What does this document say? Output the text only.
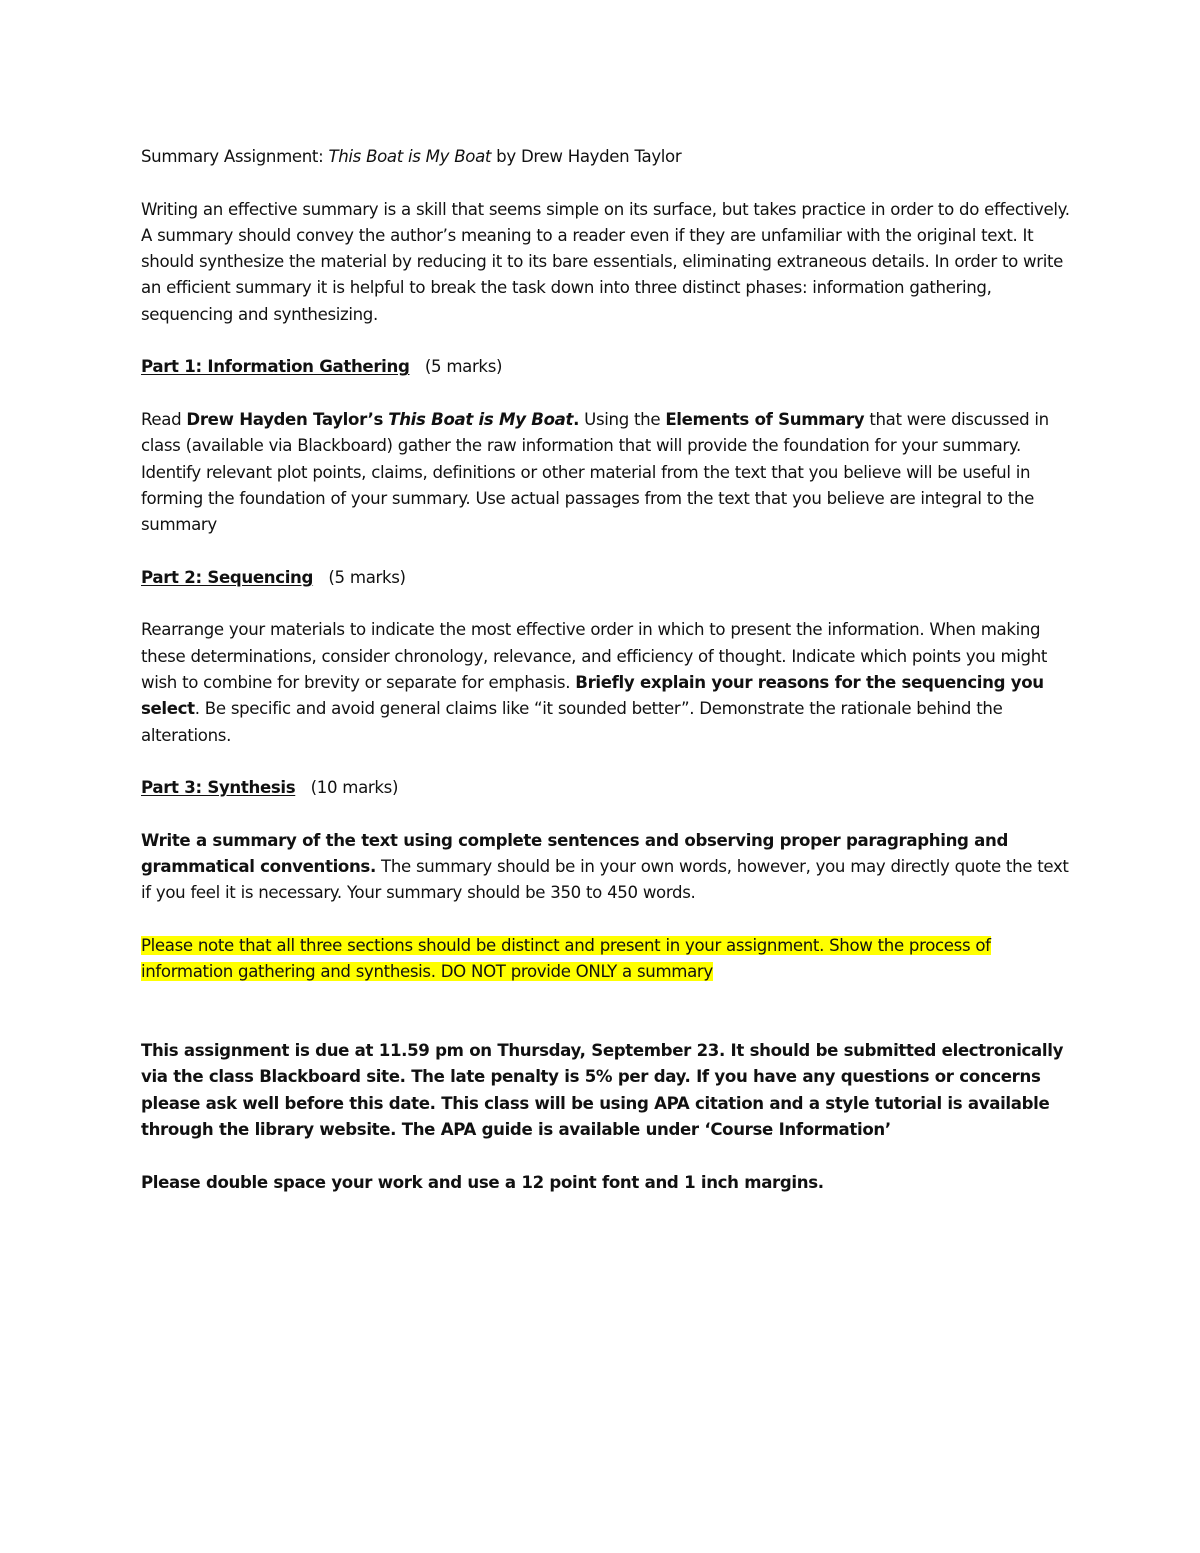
Summary Assignment: This Boat is My Boat by Drew Hayden Taylor

Writing an effective summary is a skill that seems simple on its surface, but takes practice in order to do effectively. A summary should convey the author’s meaning to a reader even if they are unfamiliar with the original text. It should synthesize the material by reducing it to its bare essentials, eliminating extraneous details. In order to write an efficient summary it is helpful to break the task down into three distinct phases: information gathering, sequencing and synthesizing.

Part 1: Information Gathering (5 marks)

Read Drew Hayden Taylor’s This Boat is My Boat. Using the Elements of Summary that were discussed in class (available via Blackboard) gather the raw information that will provide the foundation for your summary. Identify relevant plot points, claims, definitions or other material from the text that you believe will be useful in forming the foundation of your summary. Use actual passages from the text that you believe are integral to the summary

Part 2: Sequencing (5 marks)

Rearrange your materials to indicate the most effective order in which to present the information. When making these determinations, consider chronology, relevance, and efficiency of thought. Indicate which points you might wish to combine for brevity or separate for emphasis. Briefly explain your reasons for the sequencing you select. Be specific and avoid general claims like “it sounded better”. Demonstrate the rationale behind the alterations.

Part 3: Synthesis (10 marks)

Write a summary of the text using complete sentences and observing proper paragraphing and grammatical conventions. The summary should be in your own words, however, you may directly quote the text if you feel it is necessary. Your summary should be 350 to 450 words.

Please note that all three sections should be distinct and present in your assignment. Show the process of information gathering and synthesis. DO NOT provide ONLY a summary

This assignment is due at 11.59 pm on Thursday, September 23. It should be submitted electronically via the class Blackboard site. The late penalty is 5% per day. If you have any questions or concerns please ask well before this date. This class will be using APA citation and a style tutorial is available through the library website. The APA guide is available under ‘Course Information’

Please double space your work and use a 12 point font and 1 inch margins.
